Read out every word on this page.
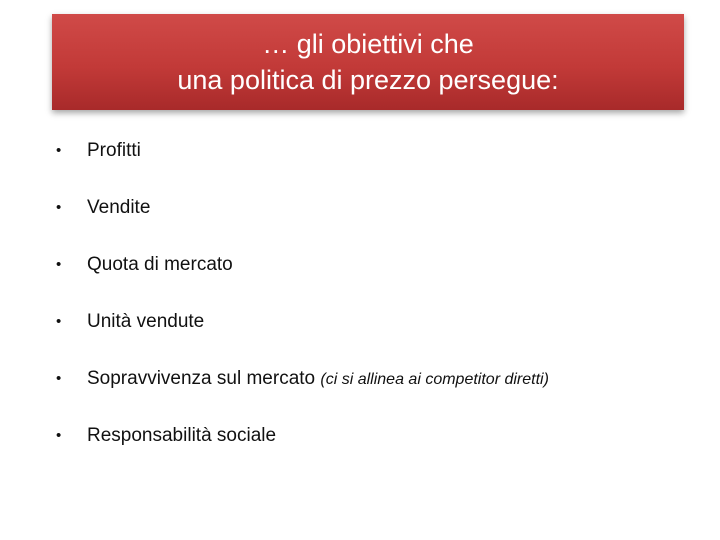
… gli obiettivi che
una politica di prezzo persegue:
• Profitti
• Vendite
• Quota di mercato
• Unità vendute
• Sopravvivenza sul mercato (ci si allinea ai competitor diretti)
• Responsabilità sociale
